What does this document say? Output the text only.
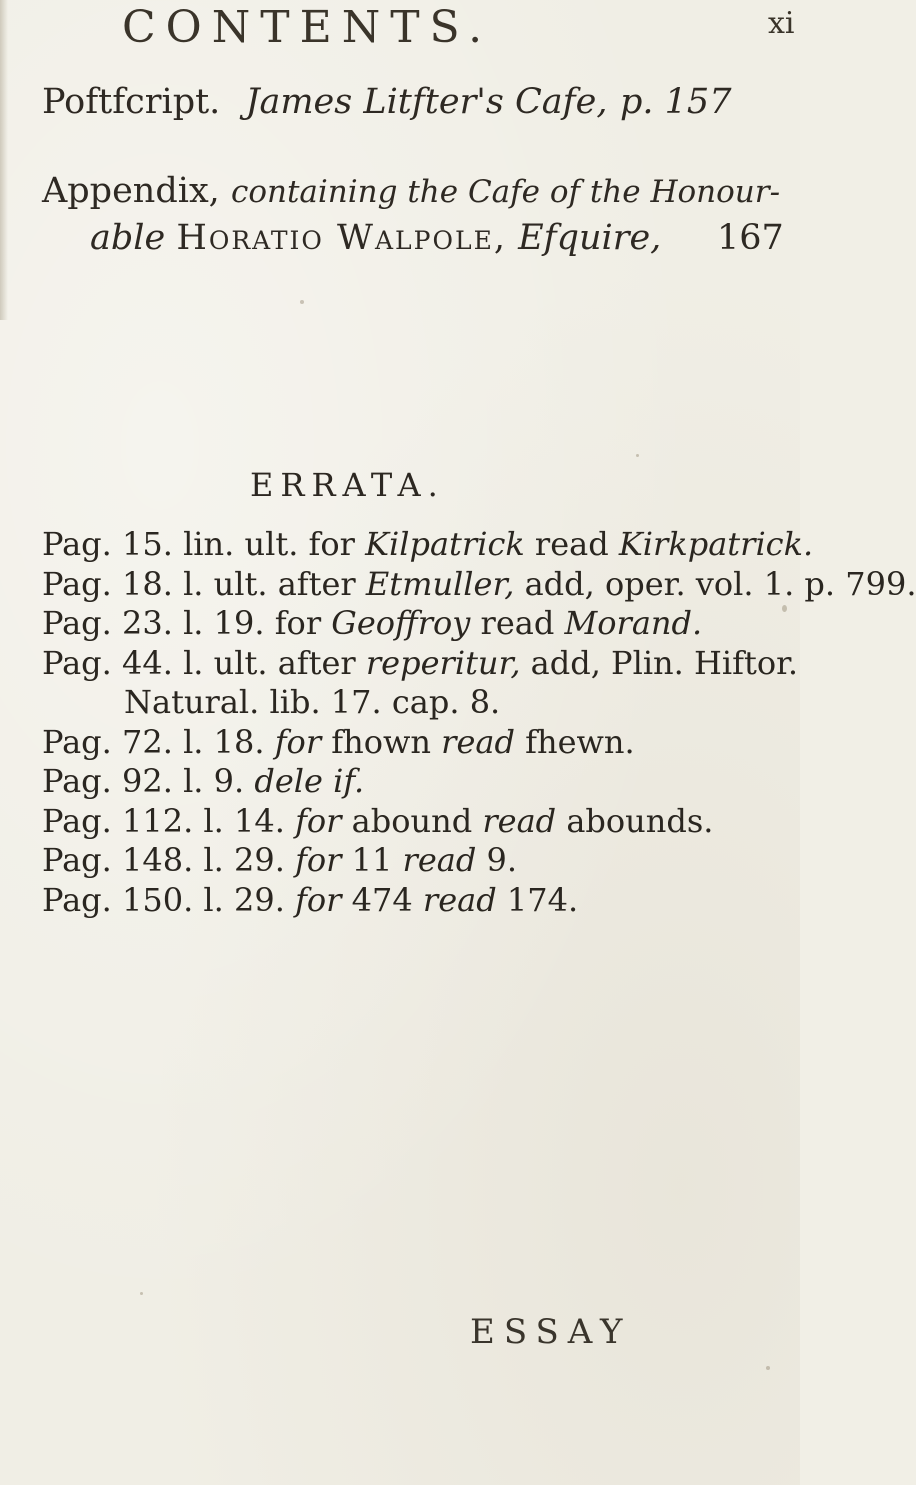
CONTENTS.	xi
Poftfcript. James Litfter's Cafe, p. 157
Appendix, containing the Cafe of the Honour-
able Horatio Walpole, Efquire, 167
ERRATA.
Pag. 15. lin. ult. for Kilpatrick read Kirkpatrick.
Pag. 18. l. ult. after Etmuller, add, oper. vol. 1. p. 799.
Pag. 23. l. 19. for Geoffroy read Morand.
Pag. 44. l. ult. after reperitur, add, Plin. Hiftor.
Natural. lib. 17. cap. 8.
Pag. 72. l. 18. for fhown read fhewn.
Pag. 92. l. 9. dele if.
Pag. 112. l. 14. for abound read abounds.
Pag. 148. l. 29. for 11 read 9.
Pag. 150. l. 29. for 474 read 174.
ESSAY
